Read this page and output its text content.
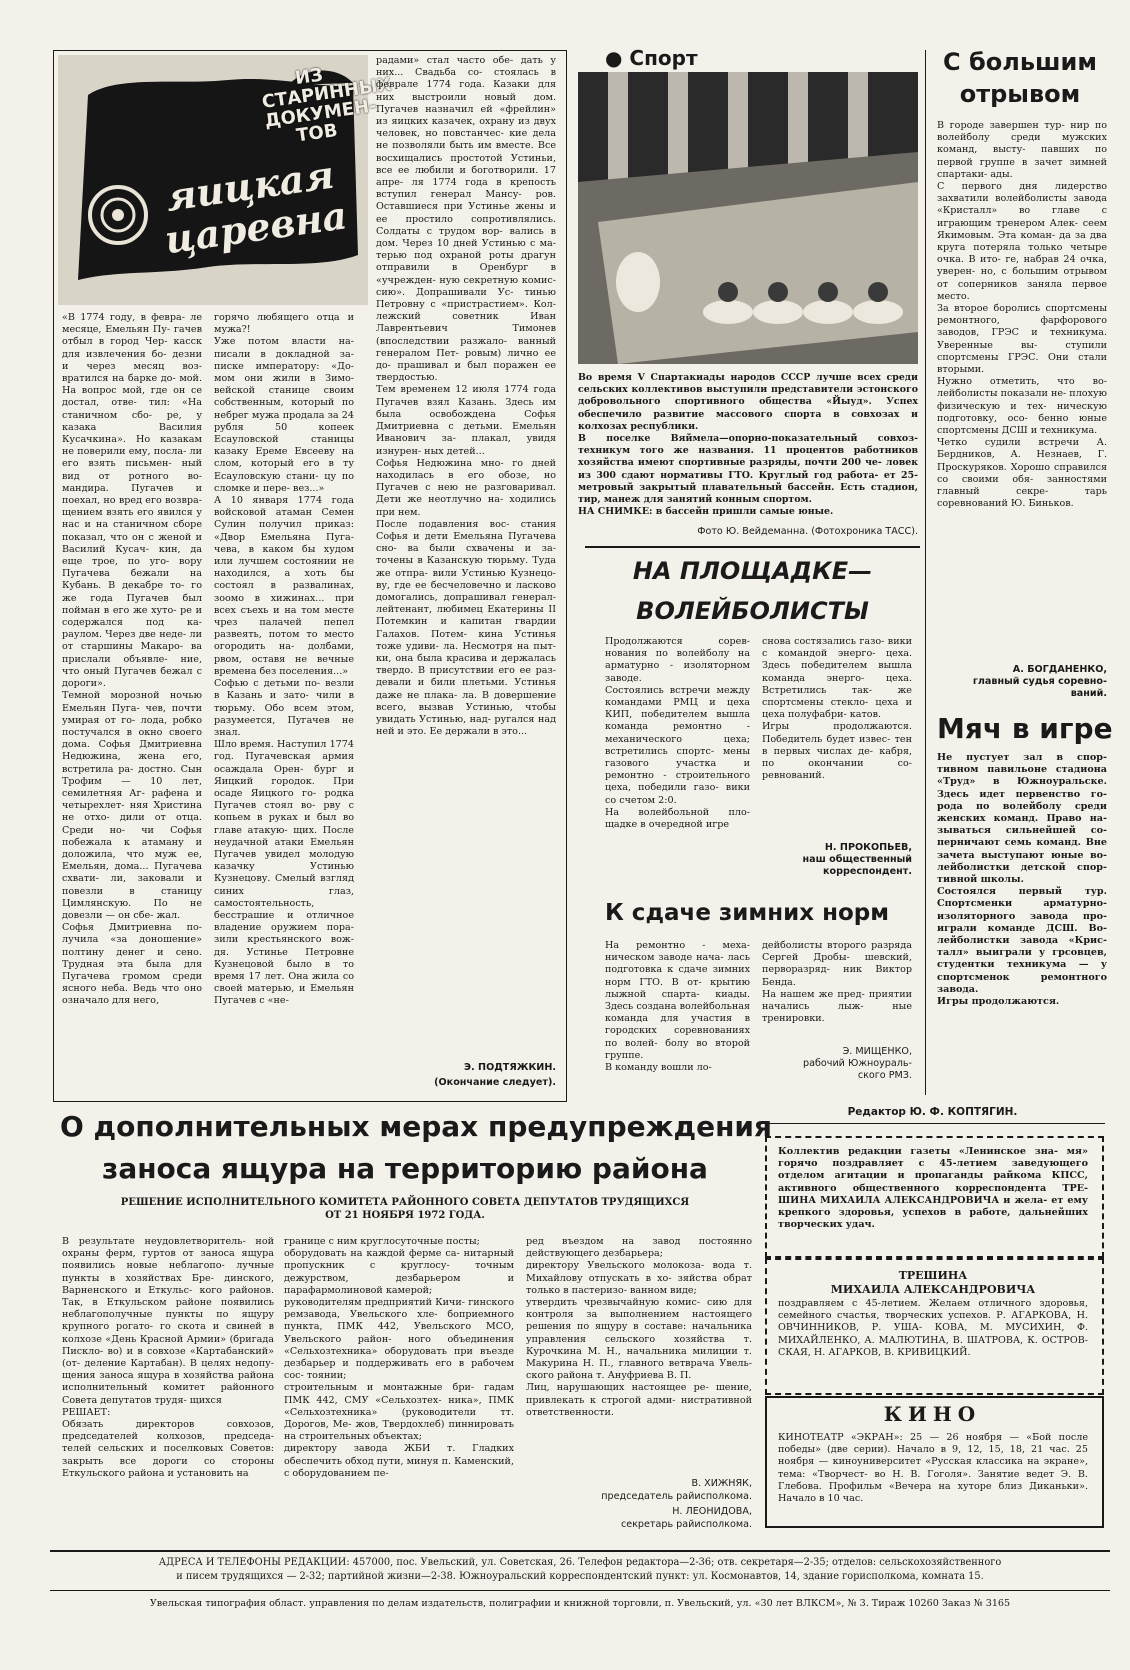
ИЗ СТАРИННЫХ ДОКУМЕН- ТОВ
яицкая царевна
«В 1774 году, в февра- ле месяце, Емельян Пу- гачев отбыл в город Чер- касск для извлечения бо- дезни и через месяц воз- вратился на барке до- мой. На вопрос мой, где он се достал, отве- тил: «На станичном сбо- ре, у казака Василия Кусачкина». Но казакам не поверили ему, посла- ли его взять письмен- ный вид от ротного во- мандира. Пугачев и поехал, но вред его возвра- щением взять его явился у нас и на станичном сборе показал, что он с женой и Василий Кусач- кин, да еще трое, по уго- вору Пугачева бежали на Кубань. В декабре то- го же года Пугачев был пойман в его же хуто- ре и содержался под ка- раулом. Через две неде- ли от старшины Макаро- ва прислали объявле- ние, что оный Пугачев бежал с дороги».
Темной морозной ночью Емельян Пуга- чев, почти умирая от го- лода, робко постучался в окно своего дома. Софья Дмитриевна Недюжина, жена его, встретила ра- достно. Сын Трофим — 10 лет, семилетняя Аг- рафена и четырехлет- няя Христина не отхо- дили от отца. Среди но- чи Софья побежала к атаману и доложила, что муж ее, Емельян, дома... Пугачева схвати- ли, заковали и повезли в станицу Цимлянскую. По не довезли — он сбе- жал.
Софья Дмитриевна по- лучила «за доношение» полтину денег и сено. Трудная эта была для Пугачева громом среди ясного неба. Ведь что оно означало для него,
горячо любящего отца и мужа?!
Уже потом власти на- писали в докладной за- писке императору: «До- мом они жили в Зимо- вейской станице своим собственным, который по небрег мужа продала за 24 рубля 50 копеек Есауловской станицы казаку Ереме Евсееву на слом, который его в ту Есауловскую стани- цу по сломке и пере- вез...»
А 10 января 1774 года войсковой атаман Семен Сулин получил приказ: «Двор Емельяна Пуга- чева, в каком бы худом или лучшем состоянии не находился, а хоть бы состоял в развалинах, зоомо в хижинах... при всех съехь и на том месте чрез палачей пепел развеять, потом то место огородить на- долбами, рвом, оставя не вечные времена без поселения...»
Софью с детьми по- везли в Казань и зато- чили в тюрьму. Обо всем этом, разумеется, Пугачев не знал.
Шло время. Наступил 1774 год. Пугачевская армия осаждала Орен- бург и Яицкий городок. При осаде Яицкого го- родка Пугачев стоял во- рву с копьем в руках и был во главе атакую- щих. После неудачной атаки Емельян Пугачев увидел молодую казачку Устинью Кузнецову. Смелый взгляд синих глаз, самостоятельность, бесстрашие и отличное владение оружием пора- зили крестьянского вож- дя. Устинье Петровне Кузнецовой было в то время 17 лет. Она жила со своей матерью, и Емельян Пугачев с «не-
радами» стал часто обе- дать у них... Свадьба со- стоялась в феврале 1774 года. Казаки для них выстроили новый дом. Пугачев назначил ей «фрейлин» из яицких казачек, охрану из двух человек, но повстанчес- кие дела не позволяли быть им вместе. Все восхищались простотой Устиньи, все ее любили и боготворили. 17 апре- ля 1774 года в крепость вступил генерал Мансу- ров. Оставшиеся при Устинье жены и ее простило сопротивлялись. Солдаты с трудом вор- вались в дом. Через 10 дней Устинью с ма- терью под охраной роты драгун отправили в Оренбург в «учрежден- ную секретную комис- сию». Допрашивали Ус- тинью Петровну с «пристрастием». Кол- лежский советник Иван Лаврентьевич Тимонев (впоследствии разжало- ванный генералом Пет- ровым) лично ее до- прашивал и был поражен ее твердостью.
Тем временем 12 июля 1774 года Пугачев взял Казань. Здесь им была освобождена Софья Дмитриевна с детьми. Емельян Иванович за- плакал, увидя изнурен- ных детей...
Софья Недюжина мно- го дней находилась в его обозе, но Пугачев с нею не разговаривал. Дети же неотлучно на- ходились при нем.
После подавления вос- стания Софья и дети Емельяна Пугачева сно- ва были схвачены и за- точены в Казанскую тюрьму. Туда же отпра- вили Устинью Кузнецо- ву, где ее бесчеловечно и ласково домогались, допрашивал генерал-лейтенант, любимец Екатерины II Потемкин и капитан гвардии Галахов. Потем- кина Устинья тоже удиви- ла. Несмотря на пыт- ки, она была красива и держалась твердо. В присутствии его ее раз- девали и били плетьми. Устинья даже не плака- ла. В довершение всего, вызвав Устинью, чтобы увидать Устинью, над- ругался над ней и это. Ее держали в это...
Э. ПОДТЯЖКИН.
(Окончание следует).
● Спорт
Во время V Спартакиады народов СССР лучше всех среди сельских коллективов выступили представители эстонского добровольного спортивного общества «Йыуд». Успех обеспечило развитие массового спорта в совхозах и колхозах республики.
В поселке Вяймела—опорно-показательный совхоз- техникум того же названия. 11 процентов работников хозяйства имеют спортивные разряды, почти 200 че- ловек из 300 сдают нормативы ГТО. Круглый год работа- ет 25-метровый закрытый плавательный бассейн. Есть стадион, тир, манеж для занятий конным спортом.
НА СНИМКЕ: в бассейн пришли самые юные.
Фото Ю. Вейдеманна. (Фотохроника ТАСС).
НА ПЛОЩАДКЕ—
ВОЛЕЙБОЛИСТЫ
Продолжаются сорев- нования по волейболу на арматурно - изоляторном заводе.
Состоялись встречи между командами РМЦ и цеха КИП, победителем вышла команда ремонтно - механического цеха; встретились спортс- мены газового участка и ремонтно - строительного цеха, победили газо- вики со счетом 2:0.
На волейбольной пло- щадке в очередной игре
снова состязались газо- вики с командой энерго- цеха. Здесь победителем вышла команда энерго- цеха. Встретились так- же спортсмены стекло- цеха и цеха полуфабри- катов.
Игры продолжаются. Победитель будет извес- тен в первых числах де- кабря, по окончании со- ревнований.
Н. ПРОКОПЬЕВ,
наш общественный
корреспондент.
К сдаче зимних норм
На ремонтно - меха- ническом заводе нача- лась подготовка к сдаче зимних норм ГТО. В от- крытию лыжной спарта- киады. Здесь создана волейбольная команда для участия в городских соревнованиях по волей- болу во второй группе.
В команду вошли ло-
дейболисты второго разряда Сергей Дробы- шевский, перворазряд- ник Виктор Бенда.
На нашем же пред- приятии начались лыж- ные тренировки.
Э. МИЩЕНКО,
рабочий Южноураль-
ского РМЗ.
С большим
отрывом
В городе завершен тур- нир по волейболу среди мужских команд, высту- павших по первой группе в зачет зимней спартаки- ады.
С первого дня лидерство захватили волейболисты завода «Кристалл» во главе с играющим тренером Алек- сеем Якимовым. Эта коман- да за два круга потеряла только четыре очка. В ито- ге, набрав 24 очка, уверен- но, с большим отрывом от соперников заняла первое место.
За второе боролись спортсмены ремонтного, фарфорового заводов, ГРЭС и техникума. Уверенные вы- ступили спортсмены ГРЭС. Они стали вторыми.
Нужно отметить, что во- лейболисты показали не- плохую физическую и тех- ническую подготовку, осо- бенно юные спортсмены ДСШ и техникума.
Четко судили встречи А. Бердников, А. Незнаев, Г. Проскуряков. Хорошо справился со своими обя- занностями главный секре- тарь соревнований Ю. Биньков.
А. БОГДАНЕНКО,
главный судья соревно-
ваний.
Мяч в игре
Не пустует зал в спор- тивном павильоне стадиона «Труд» в Южноуральске. Здесь идет первенство го- рода по волейболу среди женских команд. Право на- зываться сильнейшей со- перничают семь команд. Вне зачета выступают юные во- лейболистки детской спор- тивной школы.
Состоялся первый тур. Спортсменки арматурно- изоляторного завода про- играли команде ДСШ. Во- лейболистки завода «Крис- талл» выиграли у грсовцев, студентки техникума — у спортсменок ремонтного завода.
Игры продолжаются.
О дополнительных мерах предупреждения
заноса ящура на территорию района
РЕШЕНИЕ ИСПОЛНИТЕЛЬНОГО КОМИТЕТА РАЙОННОГО СОВЕТА ДЕПУТАТОВ ТРУДЯЩИХСЯ
ОТ 21 НОЯБРЯ 1972 ГОДА.
В результате неудовлетворитель- ной охраны ферм, гуртов от заноса ящура появились новые неблагопо- лучные пункты в хозяйствах Бре- динского, Варненского и Еткульс- кого районов. Так, в Еткульском районе появились неблагополучные пункты по ящуру крупного рогато- го скота и свиней в колхозе «День Красной Армии» (бригада Пискло- во) и в совхозе «Картабанский» (от- деление Картабан). В целях недопу- щения заноса ящура в хозяйства района исполнительный комитет районного Совета депутатов трудя- щихся
РЕШАЕТ:
Обязать директоров совхозов, председателей колхозов, председа- телей сельских и поселковых Советов: закрыть все дороги со стороны Еткульского района и установить на
границе с ним круглосуточные посты;
оборудовать на каждой ферме са- нитарный пропускник с круглосу- точным дежурством, дезбарьером и парафармолиновой камерой;
руководителям предприятий Кичи- гинского ремзавода, Увельского хле- боприемного пункта, ПМК 442, Увельского МСО, Увельского район- ного объединения «Сельхозтехника» оборудовать при въезде дезбарьер и поддерживать его в рабочем сос- тоянии;
строительным и монтажные бри- гадам ПМК 442, СМУ «Сельхозтех- ника», ПМК «Сельхозтехника» (руководители тт. Дорогов, Ме- жов, Твердохлеб) пиннировать на строительных объектах;
директору завода ЖБИ т. Гладких обеспечить обход пути, минуя п. Каменский, с оборудованием пе-
ред въездом на завод постоянно действующего дезбарьера;
директору Увельского молокоза- вода т. Михайлову отпускать в хо- зяйства обрат только в пастеризо- ванном виде;
утвердить чрезвычайную комис- сию для контроля за выполнением настоящего решения по ящуру в составе: начальника управления сельского хозяйства т. Курочкина М. Н., начальника милиции т. Макурина Н. П., главного ветврача Увель- ского района т. Ануфриева В. П.
Лиц, нарушающих настоящее ре- шение, привлекать к строгой адми- нистративной ответственности.
В. ХИЖНЯК,
председатель райисполкома.
Н. ЛЕОНИДОВА,
секретарь райисполкома.
Редактор Ю. Ф. КОПТЯГИН.
Коллектив редакции газеты «Ленинское зна- мя» горячо поздравляет с 45-летием заведующего отделом агитации и пропаганды райкома КПСС, активного общественного корреспондента ТРЕ- ШИНА МИХАИЛА АЛЕКСАНДРОВИЧА и жела- ет ему крепкого здоровья, успехов в работе, дальнейших творческих удач.
ТРЕШИНА
МИХАИЛА АЛЕКСАНДРОВИЧА
поздравляем с 45-летием. Желаем отличного здоровья, семейного счастья, творческих успехов. Р. АГАРКОВА, Н. ОВЧИННИКОВ, Р. УША- КОВА, М. МУСИХИН, Ф. МИХАЙЛЕНКО, А. МАЛЮТИНА, В. ШАТРОВА, К. ОСТРОВ- СКАЯ, Н. АГАРКОВ, В. КРИВИЦКИЙ.
КИНО
КИНОТЕАТР «ЭКРАН»: 25 — 26 ноября — «Бой после победы» (две серии). Начало в 9, 12, 15, 18, 21 час. 25 ноября — киноуниверситет «Русская классика на экране», тема: «Творчест- во Н. В. Гоголя». Занятие ведет Э. В. Глебова. Профильм «Вечера на хуторе близ Диканьки». Начало в 10 час.
АДРЕСА И ТЕЛЕФОНЫ РЕДАКЦИИ: 457000, пос. Увельский, ул. Советская, 26. Телефон редактора—2-36; отв. секретаря—2-35; отделов: сельскохозяйственного
и писем трудящихся — 2-32; партийной жизни—2-38. Южноуральский корреспондентский пункт: ул. Космонавтов, 14, здание горисполкома, комната 15.
Увельская типография област. управления по делам издательств, полиграфии и книжной торговли, п. Увельский, ул. «30 лет ВЛКСМ», № 3. Тираж 10260 Заказ № 3165
